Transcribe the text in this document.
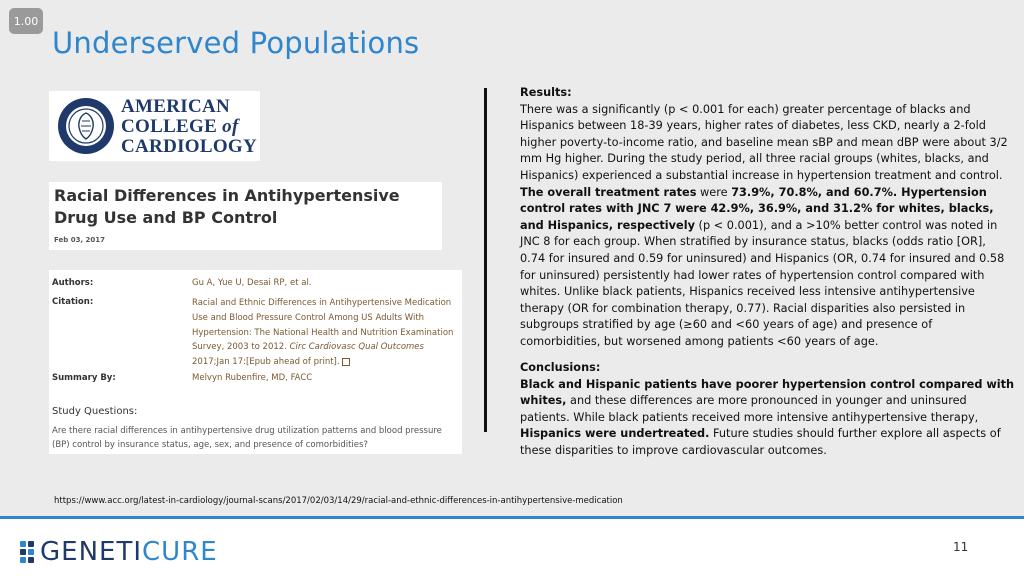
1.00
Underserved Populations
AMERICAN
COLLEGE of
CARDIOLOGY
Racial Differences in Antihypertensive Drug Use and BP Control
Feb 03, 2017
Authors:	Gu A, Yue U, Desai RP, et al.
Citation:	Racial and Ethnic Differences in Antihypertensive Medication Use and Blood Pressure Control Among US Adults With Hypertension: The National Health and Nutrition Examination Survey, 2003 to 2012. Circ Cardiovasc Qual Outcomes 2017;Jan 17:[Epub ahead of print].
Summary By:	Melvyn Rubenfire, MD, FACC
Study Questions:
Are there racial differences in antihypertensive drug utilization patterns and blood pressure (BP) control by insurance status, age, sex, and presence of comorbidities?

Results:

There was a significantly (p < 0.001 for each) greater percentage of blacks and Hispanics between 18-39 years, higher rates of diabetes, less CKD, nearly a 2-fold higher poverty-to-income ratio, and baseline mean sBP and mean dBP were about 3/2 mm Hg higher. During the study period, all three racial groups (whites, blacks, and Hispanics) experienced a substantial increase in hypertension treatment and control. The overall treatment rates were 73.9%, 70.8%, and 60.7%. Hypertension control rates with JNC 7 were 42.9%, 36.9%, and 31.2% for whites, blacks, and Hispanics, respectively (p < 0.001), and a >10% better control was noted in JNC 8 for each group. When stratified by insurance status, blacks (odds ratio [OR], 0.74 for insured and 0.59 for uninsured) and Hispanics (OR, 0.74 for insured and 0.58 for uninsured) persistently had lower rates of hypertension control compared with whites. Unlike black patients, Hispanics received less intensive antihypertensive therapy (OR for combination therapy, 0.77). Racial disparities also persisted in subgroups stratified by age (≥60 and <60 years of age) and presence of comorbidities, but worsened among patients <60 years of age.

Conclusions:

Black and Hispanic patients have poorer hypertension control compared with whites, and these differences are more pronounced in younger and uninsured patients. While black patients received more intensive antihypertensive therapy, Hispanics were undertreated. Future studies should further explore all aspects of these disparities to improve cardiovascular outcomes.

https://www.acc.org/latest-in-cardiology/journal-scans/2017/02/03/14/29/racial-and-ethnic-differences-in-antihypertensive-medication
GENETICURE	11
